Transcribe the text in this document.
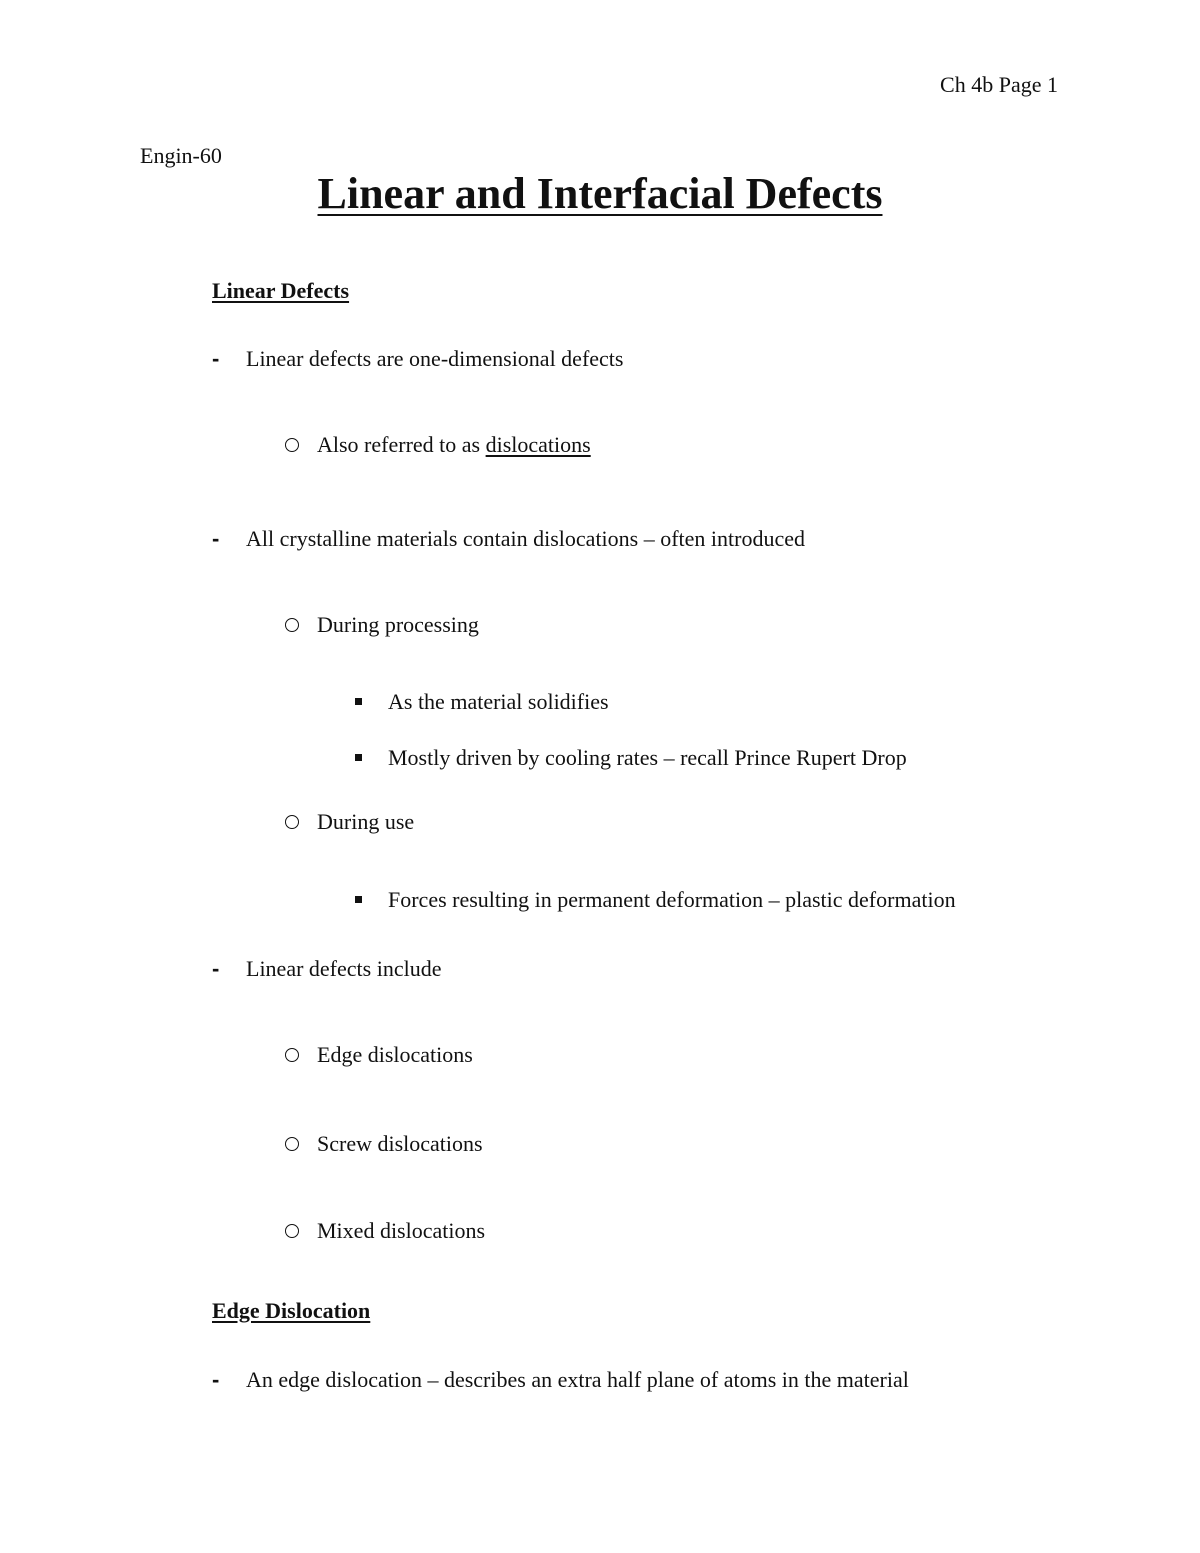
Ch 4b Page 1
Engin-60
Linear and Interfacial Defects
Linear Defects
- Linear defects are one-dimensional defects
Also referred to as dislocations
- All crystalline materials contain dislocations – often introduced
During processing
As the material solidifies
Mostly driven by cooling rates – recall Prince Rupert Drop
During use
Forces resulting in permanent deformation – plastic deformation
- Linear defects include
Edge dislocations
Screw dislocations
Mixed dislocations
Edge Dislocation
- An edge dislocation – describes an extra half plane of atoms in the material
